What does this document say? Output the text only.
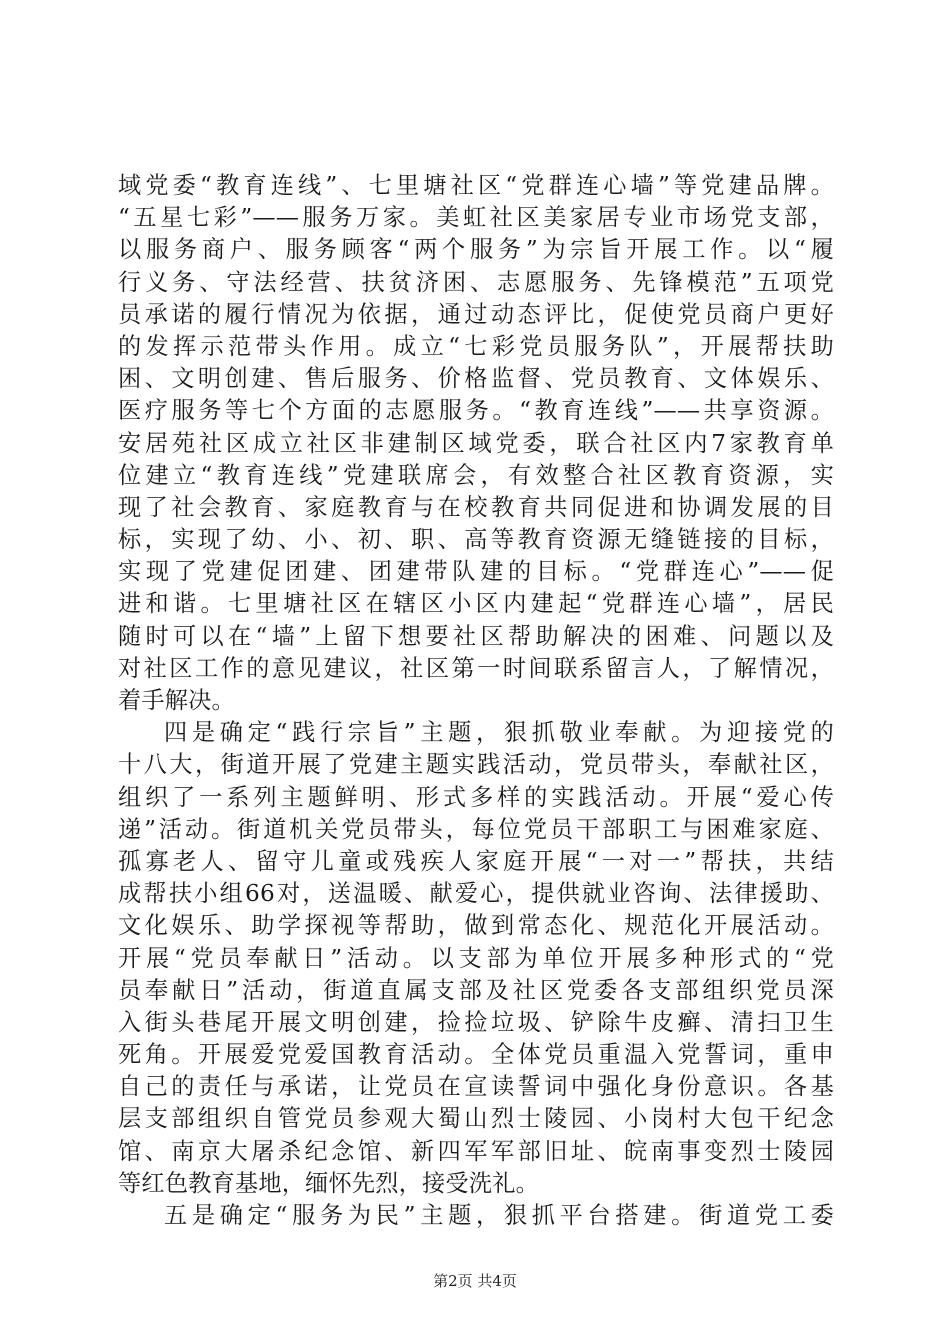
域党委“教育连线”、七里塘社区“党群连心墙”等党建品牌。
“五星七彩”——服务万家。美虹社区美家居专业市场党支部，
以服务商户、服务顾客“两个服务”为宗旨开展工作。以“履
行义务、守法经营、扶贫济困、志愿服务、先锋模范”五项党
员承诺的履行情况为依据，通过动态评比，促使党员商户更好
的发挥示范带头作用。成立“七彩党员服务队”，开展帮扶助
困、文明创建、售后服务、价格监督、党员教育、文体娱乐、
医疗服务等七个方面的志愿服务。“教育连线”——共享资源。
安居苑社区成立社区非建制区域党委，联合社区内7家教育单
位建立“教育连线”党建联席会，有效整合社区教育资源，实
现了社会教育、家庭教育与在校教育共同促进和协调发展的目
标，实现了幼、小、初、职、高等教育资源无缝链接的目标，
实现了党建促团建、团建带队建的目标。“党群连心”——促
进和谐。七里塘社区在辖区小区内建起“党群连心墙”，居民
随时可以在“墙”上留下想要社区帮助解决的困难、问题以及
对社区工作的意见建议，社区第一时间联系留言人，了解情况，
着手解决。
四是确定“践行宗旨”主题，狠抓敬业奉献。为迎接党的
十八大，街道开展了党建主题实践活动，党员带头，奉献社区，
组织了一系列主题鲜明、形式多样的实践活动。开展“爱心传
递”活动。街道机关党员带头，每位党员干部职工与困难家庭、
孤寡老人、留守儿童或残疾人家庭开展“一对一”帮扶，共结
成帮扶小组66对，送温暖、献爱心，提供就业咨询、法律援助、
文化娱乐、助学探视等帮助，做到常态化、规范化开展活动。
开展“党员奉献日”活动。以支部为单位开展多种形式的“党
员奉献日”活动，街道直属支部及社区党委各支部组织党员深
入街头巷尾开展文明创建，捡捡垃圾、铲除牛皮癣、清扫卫生
死角。开展爱党爱国教育活动。全体党员重温入党誓词，重申
自己的责任与承诺，让党员在宣读誓词中强化身份意识。各基
层支部组织自管党员参观大蜀山烈士陵园、小岗村大包干纪念
馆、南京大屠杀纪念馆、新四军军部旧址、皖南事变烈士陵园
等红色教育基地，缅怀先烈，接受洗礼。
五是确定“服务为民”主题，狠抓平台搭建。街道党工委
第2页 共4页
